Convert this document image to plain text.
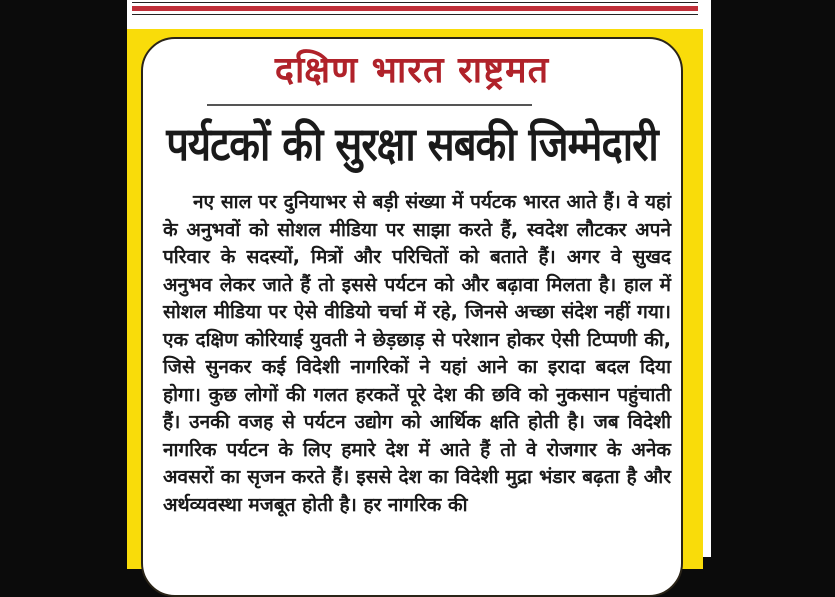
दक्षिण भारत राष्ट्रमत
पर्यटकों की सुरक्षा सबकी जिम्मेदारी
नए साल पर दुनियाभर से बड़ी संख्या में पर्यटक भारत आते हैं। वे यहां के अनुभवों को सोशल मीडिया पर साझा करते हैं, स्वदेश लौटकर अपने परिवार के सदस्यों, मित्रों और परिचितों को बताते हैं। अगर वे सुखद अनुभव लेकर जाते हैं तो इससे पर्यटन को और बढ़ावा मिलता है। हाल में सोशल मीडिया पर ऐसे वीडियो चर्चा में रहे, जिनसे अच्छा संदेश नहीं गया। एक दक्षिण कोरियाई युवती ने छेड़छाड़ से परेशान होकर ऐसी टिप्पणी की, जिसे सुनकर कई विदेशी नागरिकों ने यहां आने का इरादा बदल दिया होगा। कुछ लोगों की गलत हरकतें पूरे देश की छवि को नुकसान पहुंचाती हैं। उनकी वजह से पर्यटन उद्योग को आर्थिक क्षति होती है। जब विदेशी नागरिक पर्यटन के लिए हमारे देश में आते हैं तो वे रोजगार के अनेक अवसरों का सृजन करते हैं। इससे देश का विदेशी मुद्रा भंडार बढ़ता है और अर्थव्यवस्था मजबूत होती है। हर नागरिक की
